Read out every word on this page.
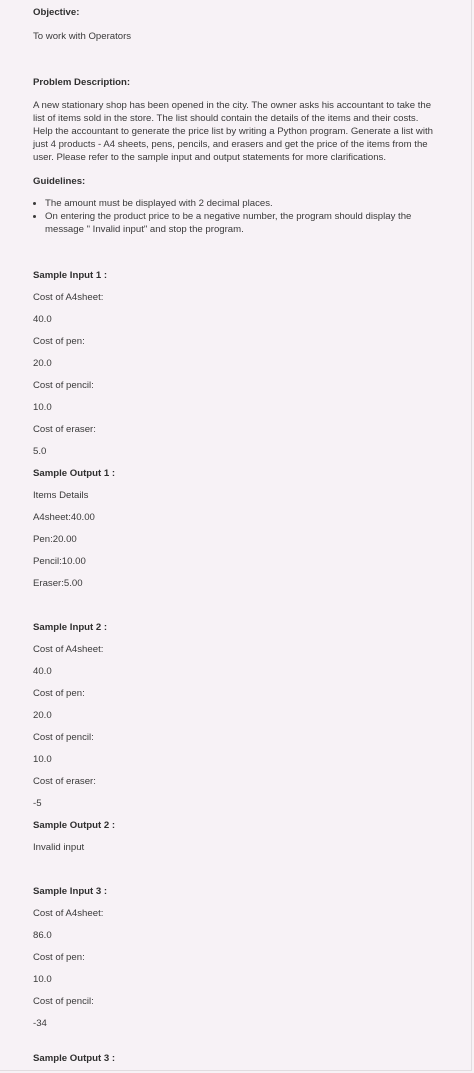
Objective:

To work with Operators

Problem Description:

A new stationary shop has been opened in the city. The owner asks his accountant to take the list of items sold in the store. The list should contain the details of the items and their costs. Help the accountant to generate the price list by writing a Python program. Generate a list with just 4 products - A4 sheets, pens, pencils, and erasers and get the price of the items from the user. Please refer to the sample input and output statements for more clarifications.

Guidelines:

• The amount must be displayed with 2 decimal places.
• On entering the product price to be a negative number, the program should display the message " Invalid input" and stop the program.

Sample Input 1 :

Cost of A4sheet:

40.0

Cost of pen:

20.0

Cost of pencil:

10.0

Cost of eraser:

5.0

Sample Output 1 :

Items Details

A4sheet:40.00

Pen:20.00

Pencil:10.00

Eraser:5.00

Sample Input 2 :

Cost of A4sheet:

40.0

Cost of pen:

20.0

Cost of pencil:

10.0

Cost of eraser:

-5

Sample Output 2 :

Invalid input

Sample Input 3 :

Cost of A4sheet:

86.0

Cost of pen:

10.0

Cost of pencil:

-34

Sample Output 3 :
